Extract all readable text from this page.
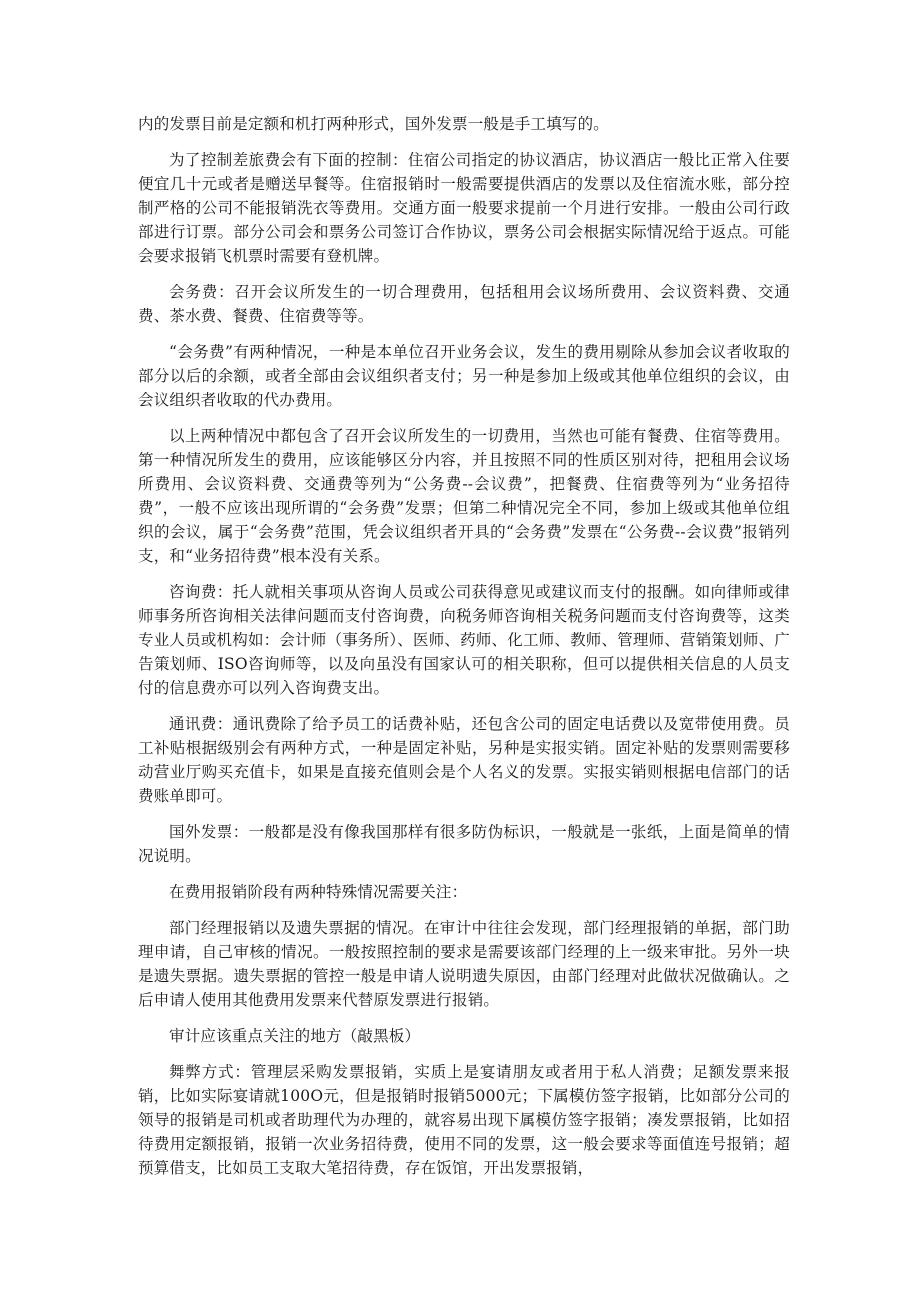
内的发票目前是定额和机打两种形式，国外发票一般是手工填写的。

为了控制差旅费会有下面的控制：住宿公司指定的协议酒店，协议酒店一般比正常入住要便宜几十元或者是赠送早餐等。住宿报销时一般需要提供酒店的发票以及住宿流水账，部分控制严格的公司不能报销洗衣等费用。交通方面一般要求提前一个月进行安排。一般由公司行政部进行订票。部分公司会和票务公司签订合作协议，票务公司会根据实际情况给于返点。可能会要求报销飞机票时需要有登机牌。

会务费：召开会议所发生的一切合理费用，包括租用会议场所费用、会议资料费、交通费、茶水费、餐费、住宿费等等。

“会务费”有两种情况，一种是本单位召开业务会议，发生的费用剔除从参加会议者收取的部分以后的余额，或者全部由会议组织者支付；另一种是参加上级或其他单位组织的会议，由会议组织者收取的代办费用。

以上两种情况中都包含了召开会议所发生的一切费用，当然也可能有餐费、住宿等费用。第一种情况所发生的费用，应该能够区分内容，并且按照不同的性质区别对待，把租用会议场所费用、会议资料费、交通费等列为“公务费--会议费”，把餐费、住宿费等列为“业务招待费”，一般不应该出现所谓的“会务费”发票；但第二种情况完全不同，参加上级或其他单位组织的会议，属于“会务费”范围，凭会议组织者开具的“会务费”发票在“公务费--会议费”报销列支，和“业务招待费”根本没有关系。

咨询费：托人就相关事项从咨询人员或公司获得意见或建议而支付的报酬。如向律师或律师事务所咨询相关法律问题而支付咨询费，向税务师咨询相关税务问题而支付咨询费等，这类专业人员或机构如：会计师（事务所）、医师、药师、化工师、教师、管理师、营销策划师、广告策划师、ISO咨询师等，以及向虽没有国家认可的相关职称，但可以提供相关信息的人员支付的信息费亦可以列入咨询费支出。

通讯费：通讯费除了给予员工的话费补贴，还包含公司的固定电话费以及宽带使用费。员工补贴根据级别会有两种方式，一种是固定补贴，另种是实报实销。固定补贴的发票则需要移动营业厅购买充值卡，如果是直接充值则会是个人名义的发票。实报实销则根据电信部门的话费账单即可。

国外发票：一般都是没有像我国那样有很多防伪标识，一般就是一张纸，上面是简单的情况说明。

在费用报销阶段有两种特殊情况需要关注：

部门经理报销以及遗失票据的情况。在审计中往往会发现，部门经理报销的单据，部门助理申请，自己审核的情况。一般按照控制的要求是需要该部门经理的上一级来审批。另外一块是遗失票据。遗失票据的管控一般是申请人说明遗失原因，由部门经理对此做状况做确认。之后申请人使用其他费用发票来代替原发票进行报销。

审计应该重点关注的地方（敲黑板）

舞弊方式：管理层采购发票报销，实质上是宴请朋友或者用于私人消费；足额发票来报销，比如实际宴请就100O元，但是报销时报销5000元；下属模仿签字报销，比如部分公司的领导的报销是司机或者助理代为办理的，就容易出现下属模仿签字报销；凑发票报销，比如招待费用定额报销，报销一次业务招待费，使用不同的发票，这一般会要求等面值连号报销；超预算借支，比如员工支取大笔招待费，存在饭馆，开出发票报销，
